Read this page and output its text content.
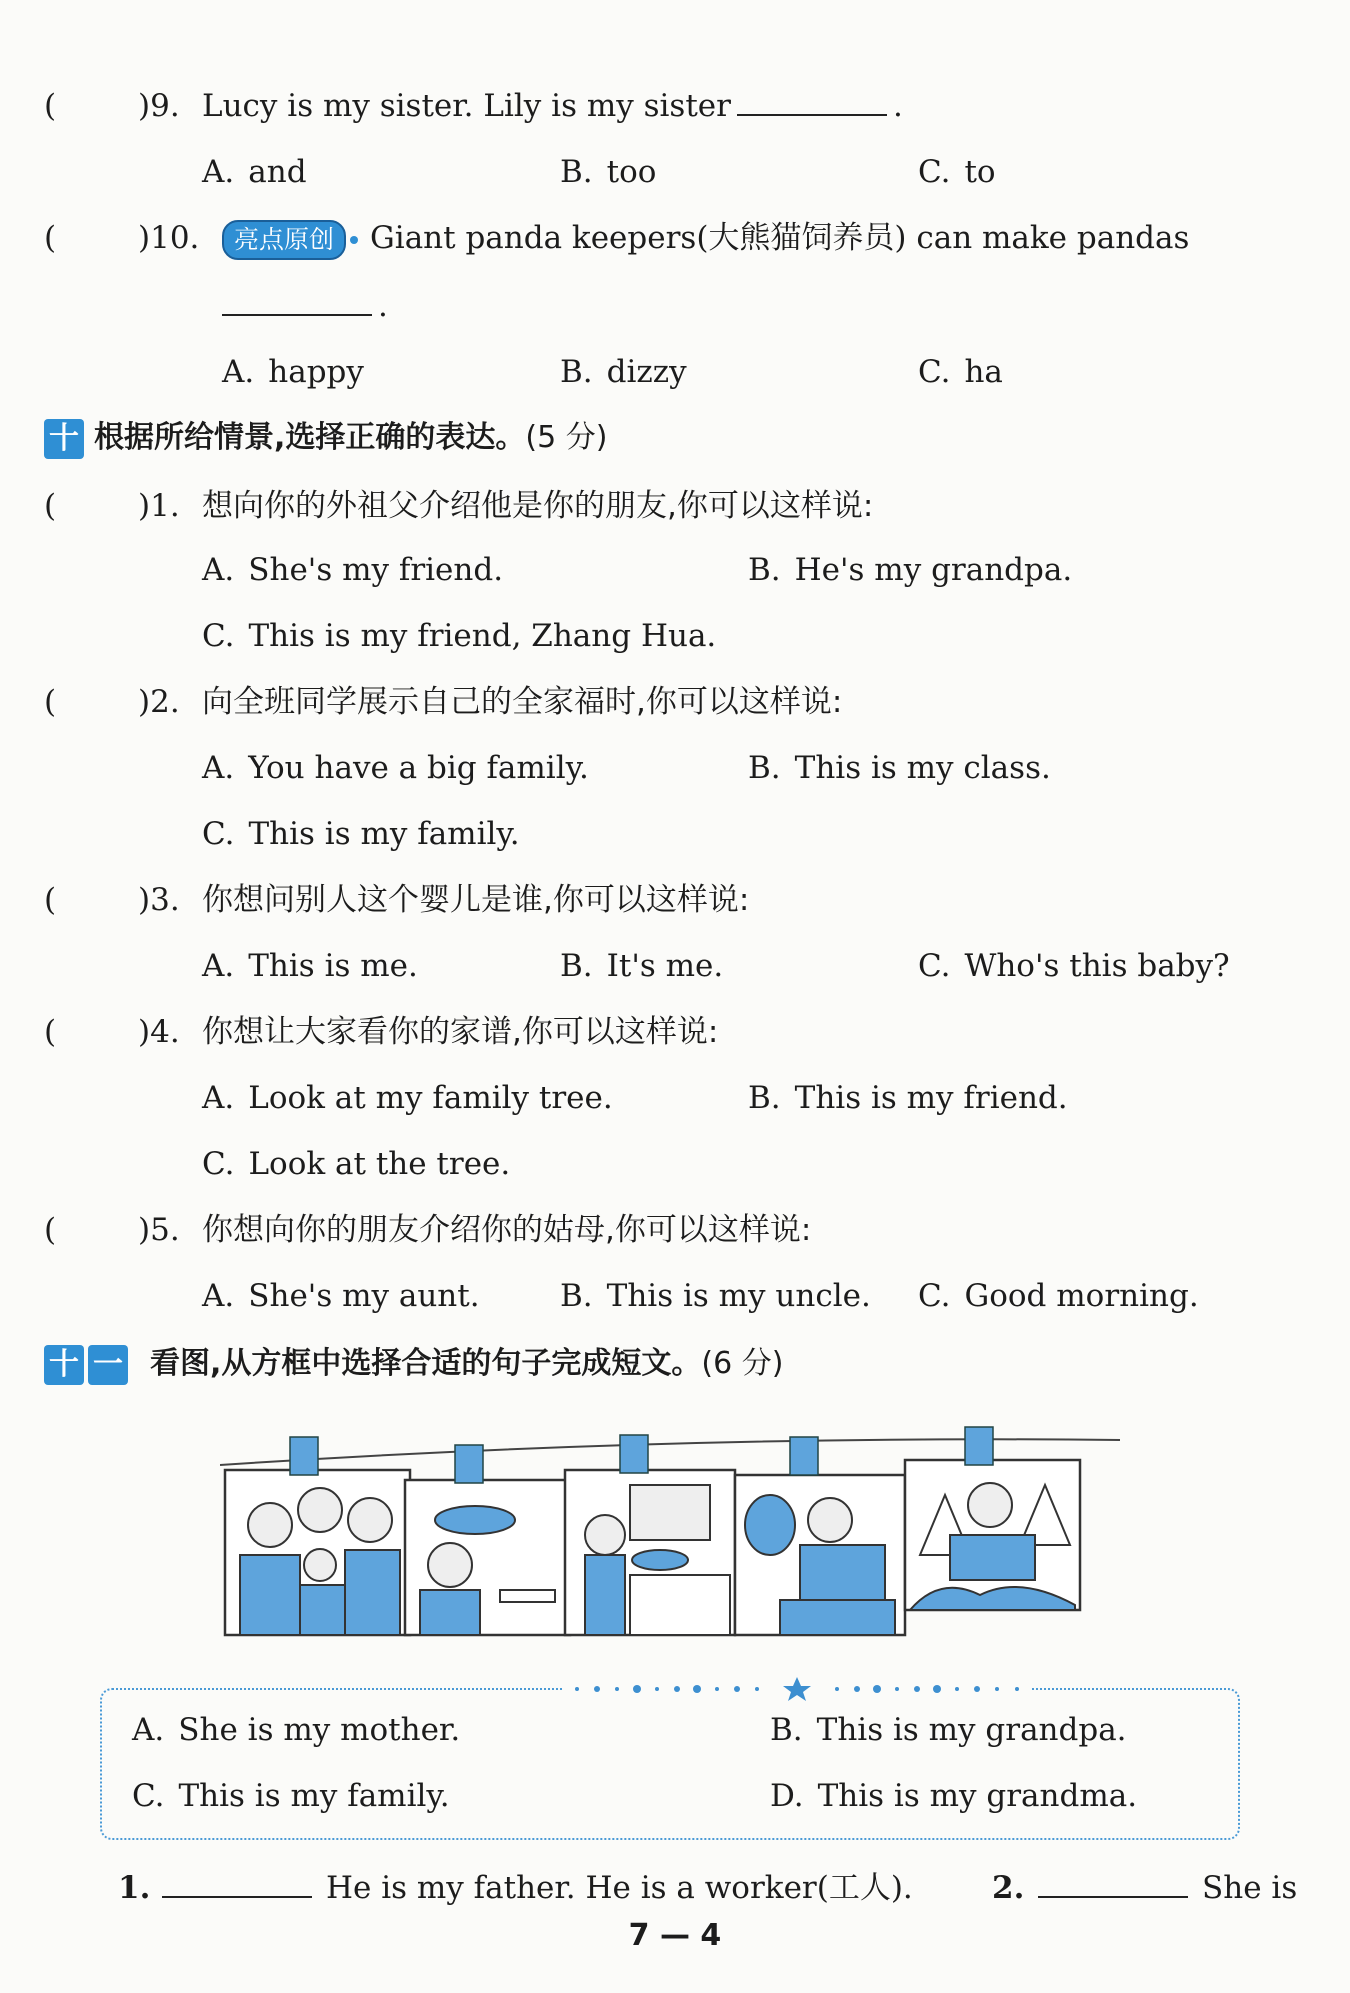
(	)9. Lucy is my sister. Lily is my sister	.
A. and	B. too	C. to
(	)10.	亮点原创 Giant panda keepers(大熊猫饲养员) can make pandas
.
A. happy	B. dizzy	C. ha
十 根据所给情景,选择正确的表达。(5 分)
(	)1. 想向你的外祖父介绍他是你的朋友,你可以这样说:
A. She's my friend.	B. He's my grandpa.
C. This is my friend, Zhang Hua.
(	)2. 向全班同学展示自己的全家福时,你可以这样说:
A. You have a big family.	B. This is my class.
C. This is my family.
(	)3. 你想问别人这个婴儿是谁,你可以这样说:
A. This is me.	B. It's me.	C. Who's this baby?
(	)4. 你想让大家看你的家谱,你可以这样说:
A. Look at my family tree.	B. This is my friend.
C. Look at the tree.
(	)5. 你想向你的朋友介绍你的姑母,你可以这样说:
A. She's my aunt.	B. This is my uncle. C. Good morning.
十 一 看图,从方框中选择合适的句子完成短文。(6 分)
A. She is my mother.	B. This is my grandpa.
C. This is my family.	D. This is my grandma.
1.	He is my father. He is a worker(工人).	2.	She is
7 — 4
